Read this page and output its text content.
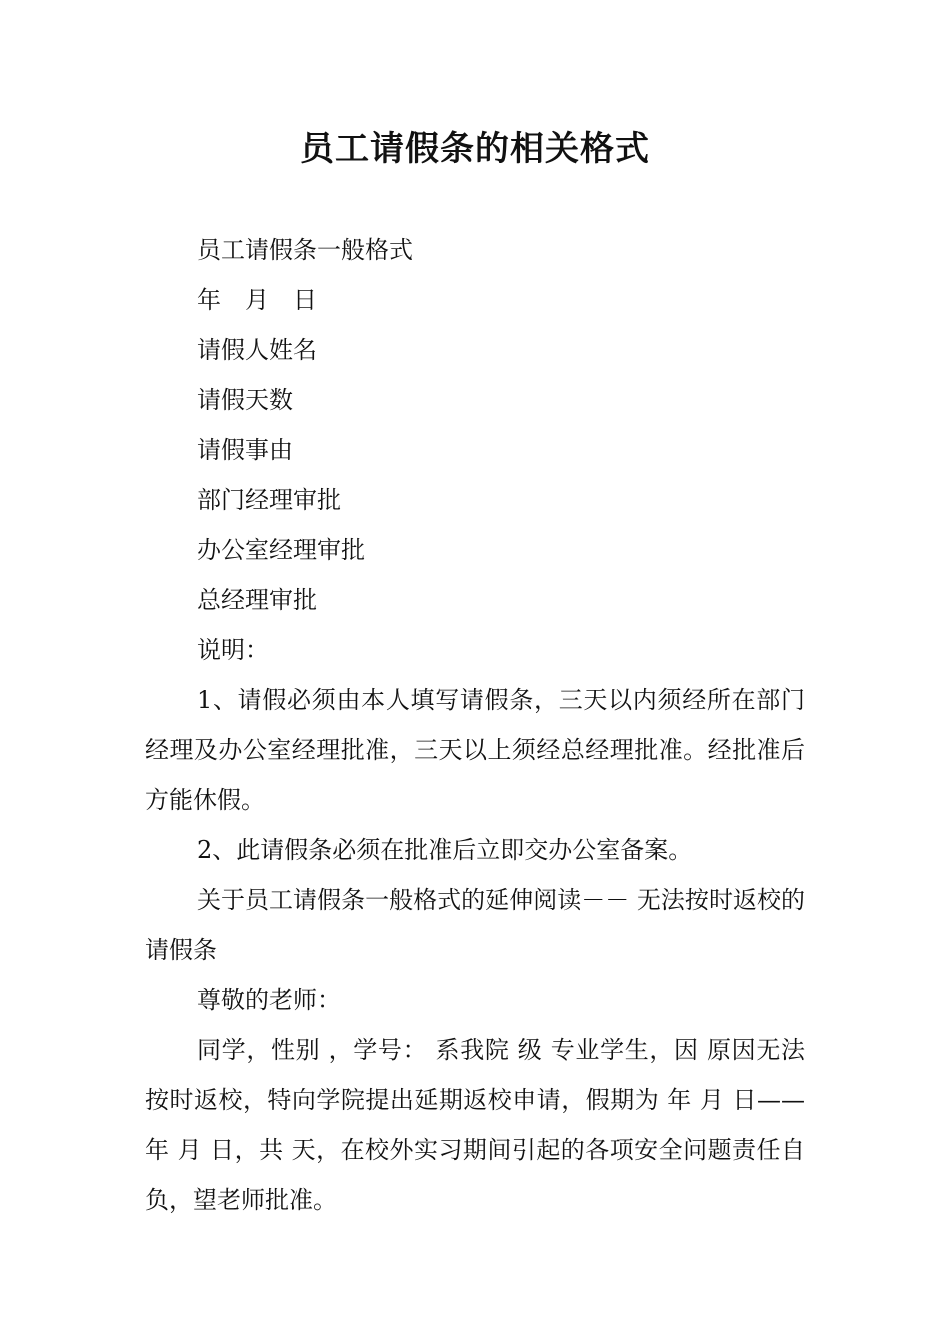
员工请假条的相关格式

员工请假条一般格式

年　月　日

请假人姓名

请假天数

请假事由

部门经理审批

办公室经理审批

总经理审批

说明：

1、请假必须由本人填写请假条，三天以内须经所在部门经理及办公室经理批准，三天以上须经总经理批准。经批准后方能休假。

2、此请假条必须在批准后立即交办公室备案。

关于员工请假条一般格式的延伸阅读－－ 无法按时返校的请假条

尊敬的老师：

同学，性别 ，学号： 系我院 级 专业学生，因 原因无法按时返校，特向学院提出延期返校申请，假期为 年 月 日—— 年 月 日，共 天，在校外实习期间引起的各项安全问题责任自负，望老师批准。
